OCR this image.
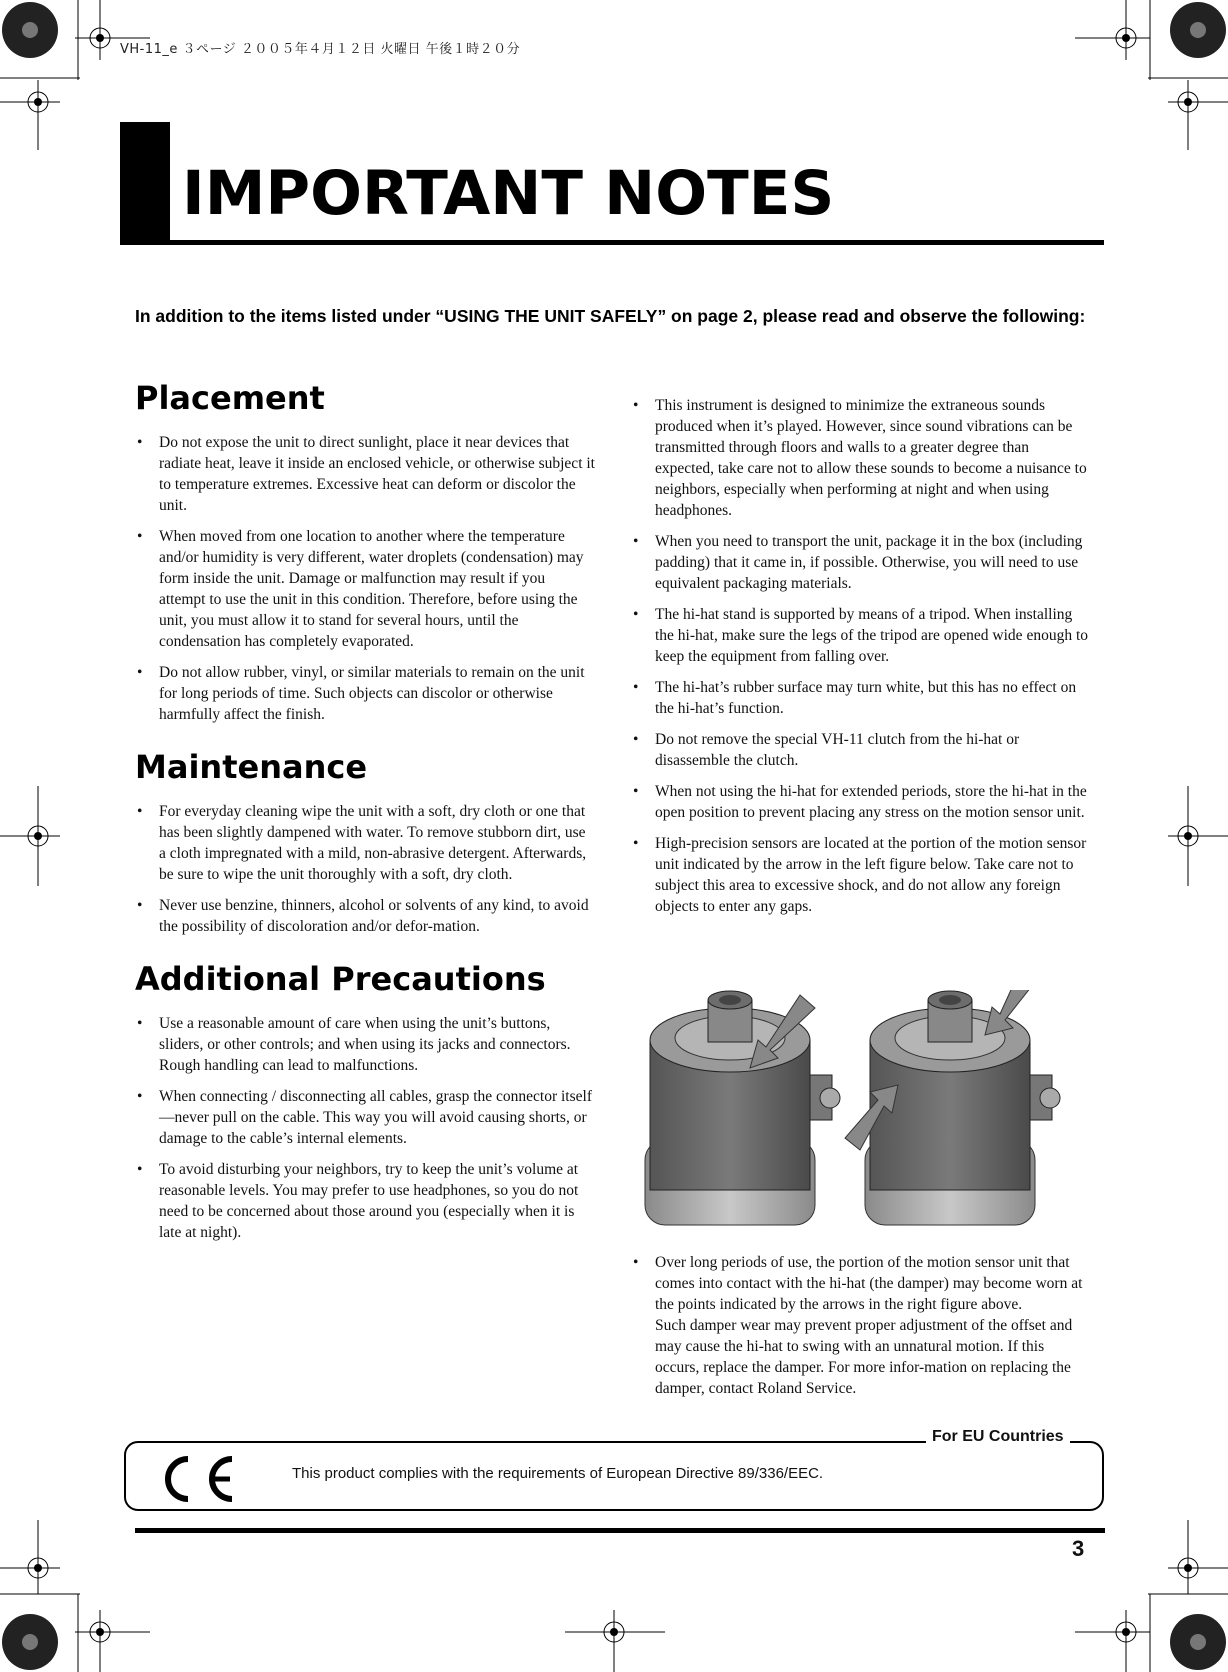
VH-11_e ３ページ ２００５年４月１２日 火曜日 午後１時２０分
IMPORTANT NOTES
In addition to the items listed under “USING THE UNIT SAFELY” on page 2, please read and observe the following:
Placement
• Do not expose the unit to direct sunlight, place it near devices that radiate heat, leave it inside an enclosed vehicle, or otherwise subject it to temperature extremes. Excessive heat can deform or discolor the unit.
• When moved from one location to another where the temperature and/or humidity is very different, water droplets (condensation) may form inside the unit. Damage or malfunction may result if you attempt to use the unit in this condition. Therefore, before using the unit, you must allow it to stand for several hours, until the condensation has completely evaporated.
• Do not allow rubber, vinyl, or similar materials to remain on the unit for long periods of time. Such objects can discolor or otherwise harmfully affect the finish.
Maintenance
• For everyday cleaning wipe the unit with a soft, dry cloth or one that has been slightly dampened with water. To remove stubborn dirt, use a cloth impregnated with a mild, non-abrasive detergent. Afterwards, be sure to wipe the unit thoroughly with a soft, dry cloth.
• Never use benzine, thinners, alcohol or solvents of any kind, to avoid the possibility of discoloration and/or defor-mation.
Additional Precautions
• Use a reasonable amount of care when using the unit’s buttons, sliders, or other controls; and when using its jacks and connectors. Rough handling can lead to malfunctions.
• When connecting / disconnecting all cables, grasp the connector itself—never pull on the cable. This way you will avoid causing shorts, or damage to the cable’s internal elements.
• To avoid disturbing your neighbors, try to keep the unit’s volume at reasonable levels. You may prefer to use headphones, so you do not need to be concerned about those around you (especially when it is late at night).
• This instrument is designed to minimize the extraneous sounds produced when it’s played. However, since sound vibrations can be transmitted through floors and walls to a greater degree than expected, take care not to allow these sounds to become a nuisance to neighbors, especially when performing at night and when using headphones.
• When you need to transport the unit, package it in the box (including padding) that it came in, if possible. Otherwise, you will need to use equivalent packaging materials.
• The hi-hat stand is supported by means of a tripod. When installing the hi-hat, make sure the legs of the tripod are opened wide enough to keep the equipment from falling over.
• The hi-hat’s rubber surface may turn white, but this has no effect on the hi-hat’s function.
• Do not remove the special VH-11 clutch from the hi-hat or disassemble the clutch.
• When not using the hi-hat for extended periods, store the hi-hat in the open position to prevent placing any stress on the motion sensor unit.
• High-precision sensors are located at the portion of the motion sensor unit indicated by the arrow in the left figure below. Take care not to subject this area to excessive shock, and do not allow any foreign objects to enter any gaps.
• Over long periods of use, the portion of the motion sensor unit that comes into contact with the hi-hat (the damper) may become worn at the points indicated by the arrows in the right figure above.
Such damper wear may prevent proper adjustment of the offset and may cause the hi-hat to swing with an unnatural motion. If this occurs, replace the damper. For more infor-mation on replacing the damper, contact Roland Service.
For EU Countries
This product complies with the requirements of European Directive 89/336/EEC.
3
